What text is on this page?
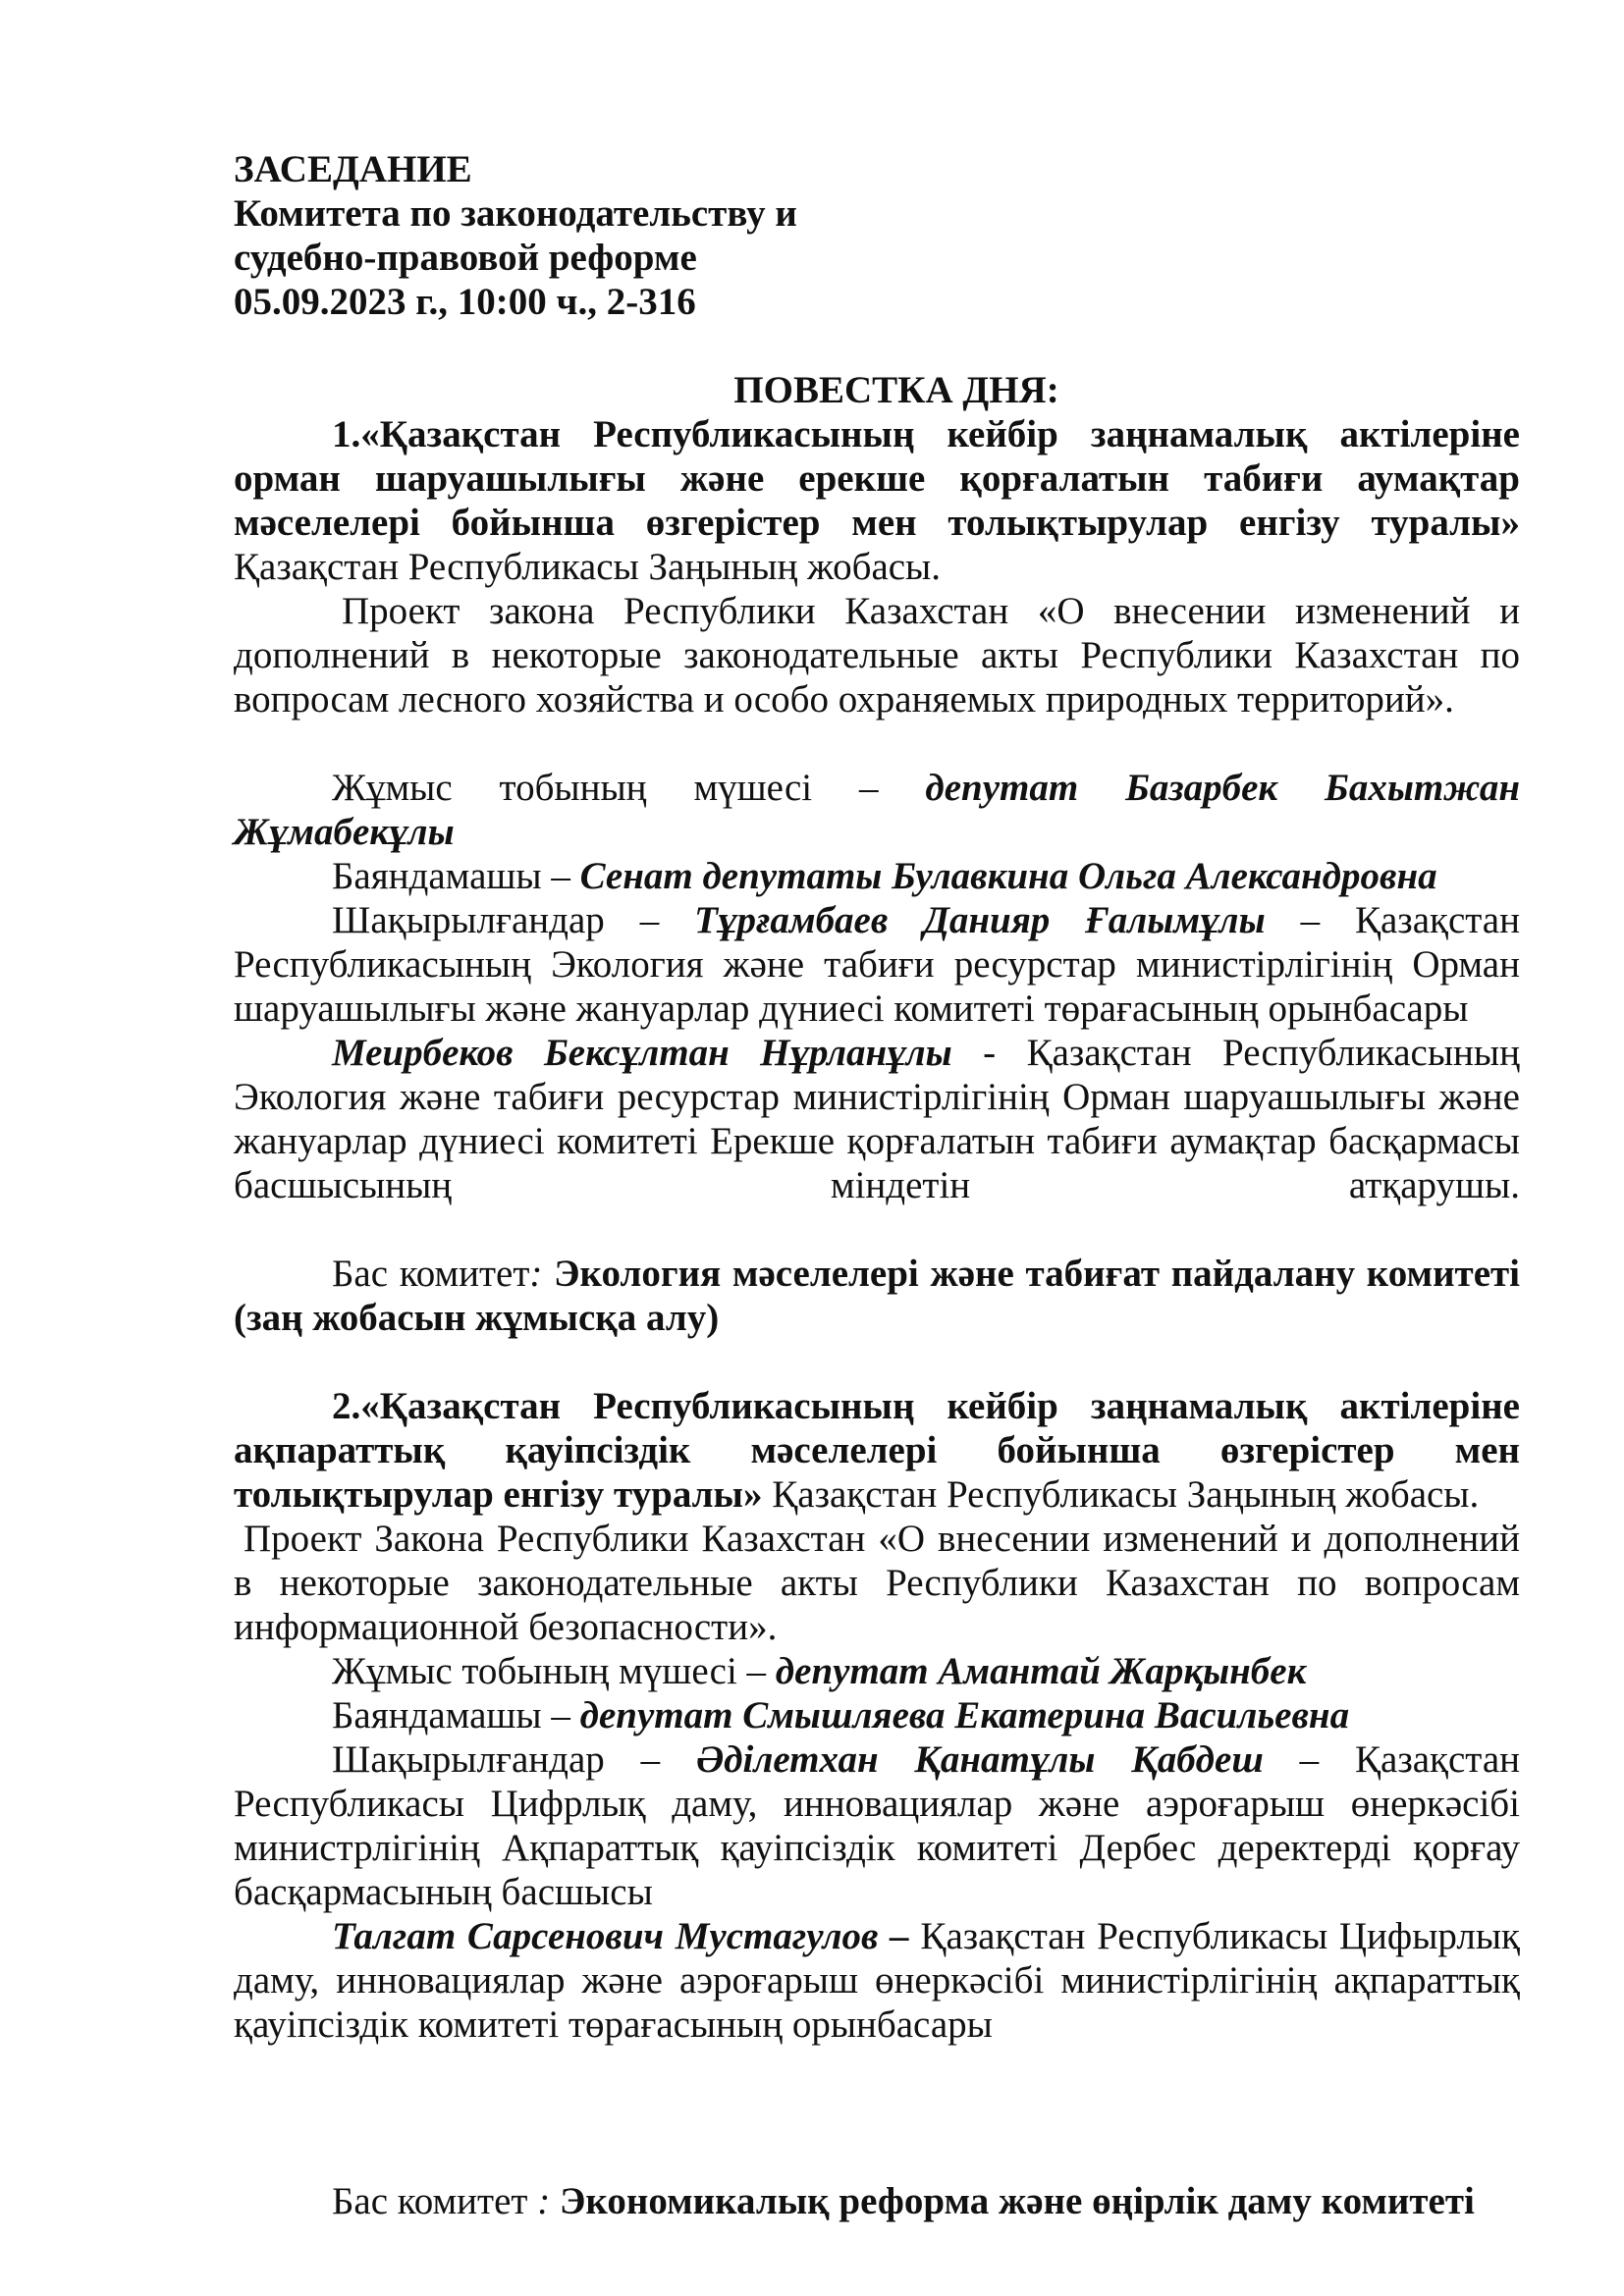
ЗАСЕДАНИЕ
Комитета по законодательству и
судебно-правовой реформе
05.09.2023 г., 10:00 ч., 2-316
ПОВЕСТКА ДНЯ:

1.«Қазақстан Республикасының кейбір заңнамалық актілеріне орман шаруашылығы және ерекше қорғалатын табиғи аумақтар мәселелері бойынша өзгерістер мен толықтырулар енгізу туралы» Қазақстан Республикасы Заңының жобасы.

Проект закона Республики Казахстан «О внесении изменений и дополнений в некоторые законодательные акты Республики Казахстан по вопросам лесного хозяйства и особо охраняемых природных территорий».

Жұмыс тобының мүшесі – депутат Базарбек Бахытжан Жұмабекұлы

Баяндамашы – Сенат депутаты Булавкина Ольга Александровна

Шақырылғандар – Тұрғамбаев Данияр Ғалымұлы – Қазақстан Республикасының Экология және табиғи ресурстар министірлігінің Орман шаруашылығы және жануарлар дүниесі комитеті төрағасының орынбасары

Меирбеков Бексұлтан Нұрланұлы - Қазақстан Республикасының Экология және табиғи ресурстар министірлігінің Орман шаруашылығы және жануарлар дүниесі комитеті Ерекше қорғалатын табиғи аумақтар басқармасы басшысының міндетін атқарушы.

Бас комитет: Экология мәселелері және табиғат пайдалану комитеті (заң жобасын жұмысқа алу)

2.«Қазақстан Республикасының кейбір заңнамалық актілеріне ақпараттық қауіпсіздік мәселелері бойынша өзгерістер мен толықтырулар енгізу туралы» Қазақстан Республикасы Заңының жобасы.

Проект Закона Республики Казахстан «О внесении изменений и дополнений в некоторые законодательные акты Республики Казахстан по вопросам информационной безопасности».

Жұмыс тобының мүшесі – депутат Амантай Жарқынбек

Баяндамашы – депутат Смышляева Екатерина Васильевна

Шақырылғандар – Әділетхан Қанатұлы Қабдеш – Қазақстан Республикасы Цифрлық даму, инновациялар және аэроғарыш өнеркәсібі министрлігінің Ақпараттық қауіпсіздік комитеті Дербес деректерді қорғау басқармасының басшысы

Талгат Сарсенович Мустагулов – Қазақстан Республикасы Цифырлық даму, инновациялар және аэроғарыш өнеркәсібі министірлігінің ақпараттық қауіпсіздік комитеті төрағасының орынбасары

Бас комитет : Экономикалық реформа және өңірлік даму комитеті
